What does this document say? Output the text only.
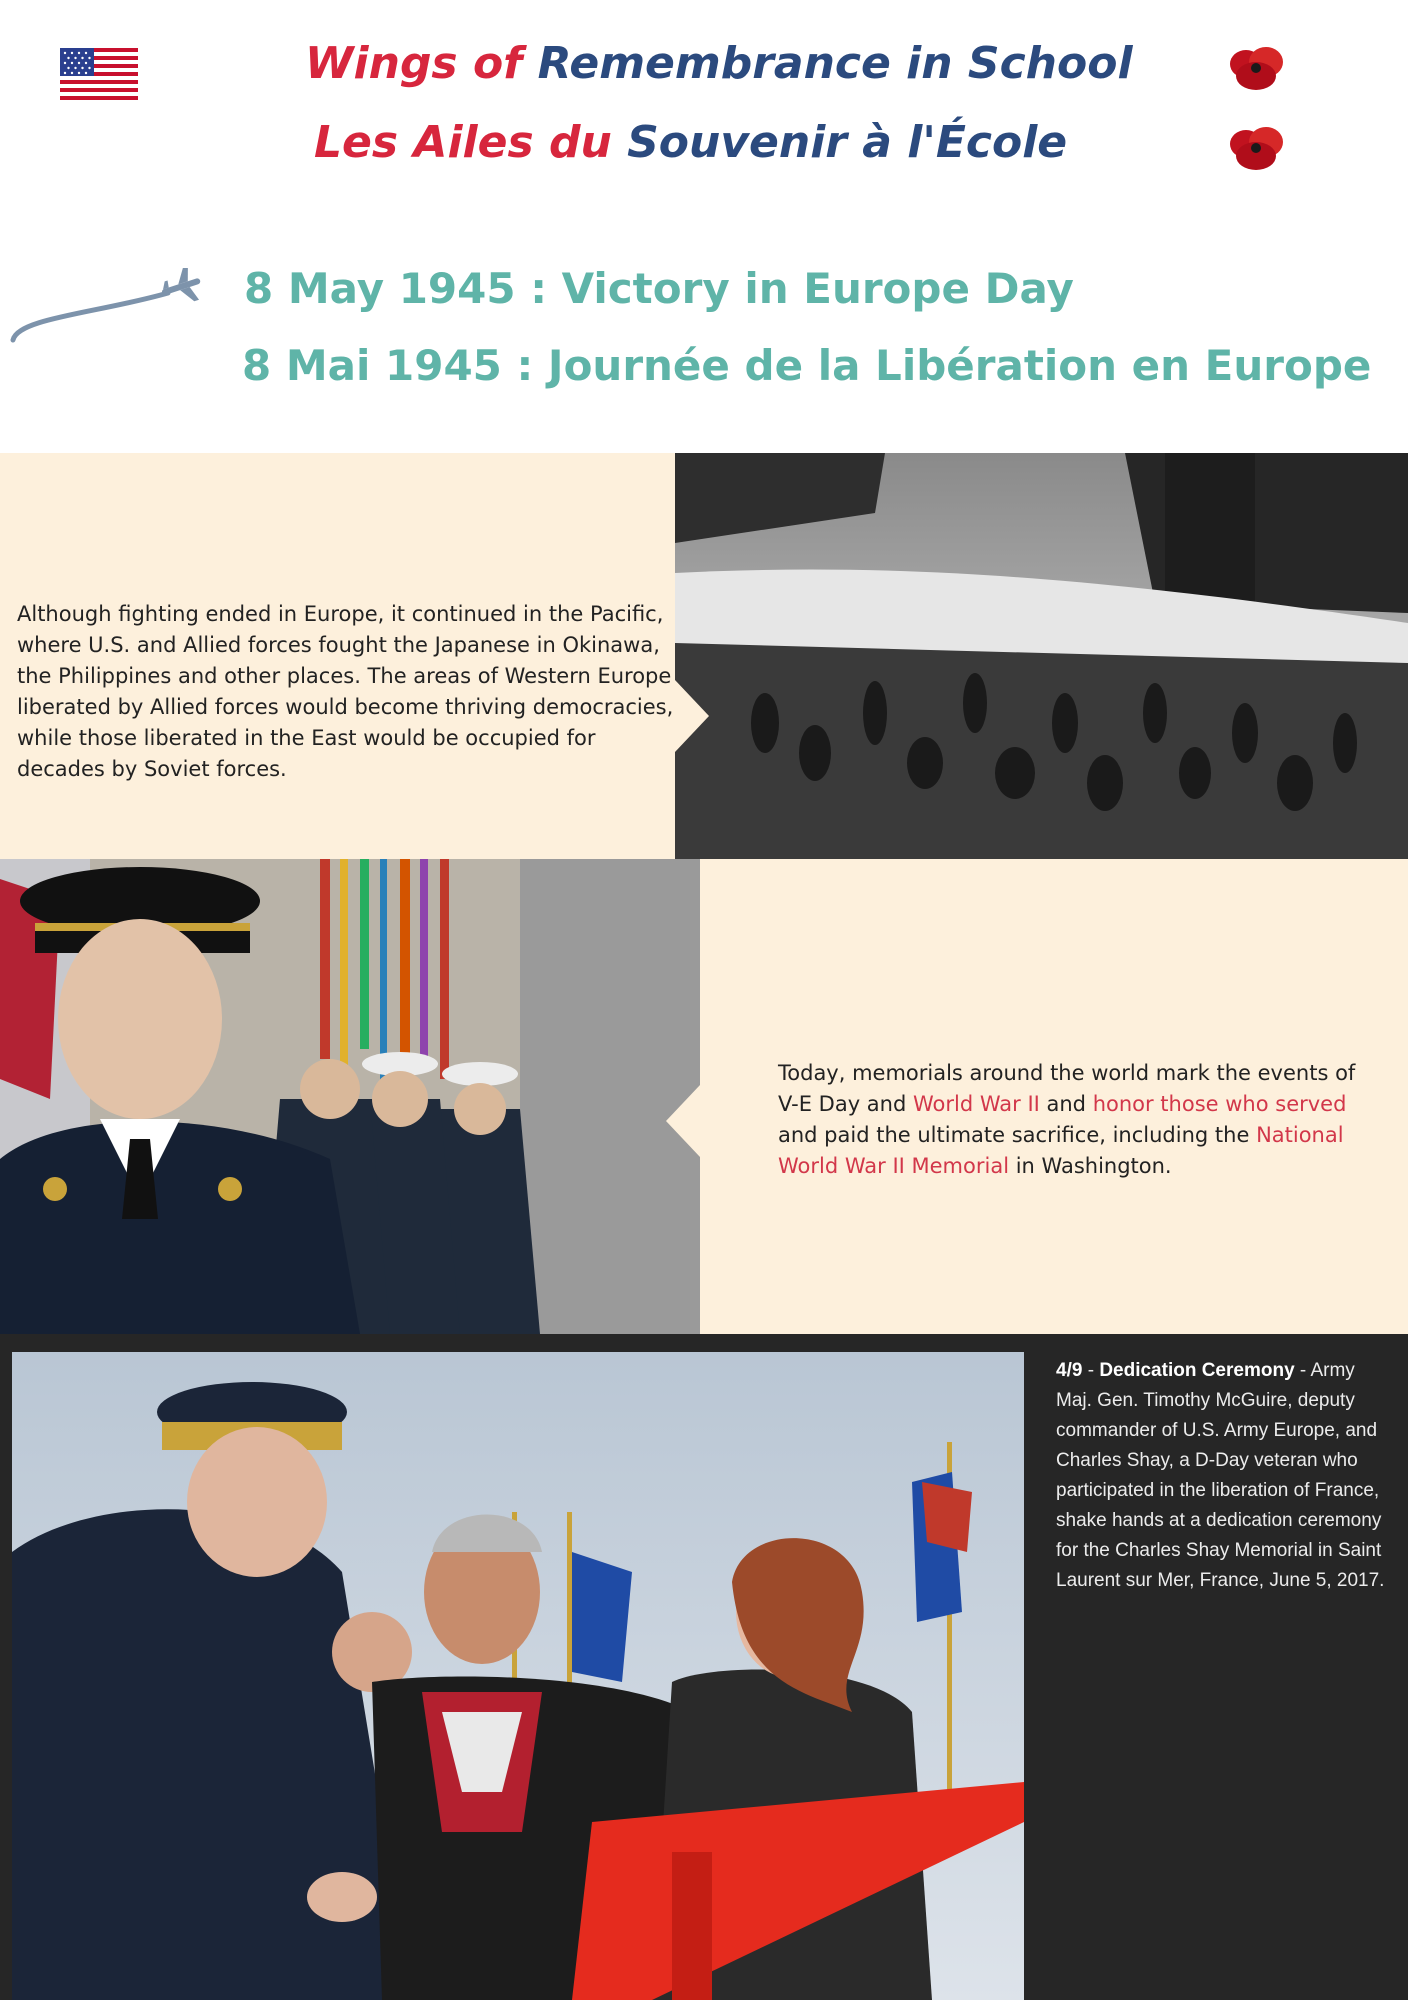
Wings of Remembrance in School
Les Ailes du Souvenir à l'École
8 May 1945 : Victory in Europe Day
8 Mai 1945 : Journée de la Libération en Europe
Although fighting ended in Europe, it continued in the Pacific, where U.S. and Allied forces fought the Japanese in Okinawa, the Philippines and other places. The areas of Western Europe liberated by Allied forces would become thriving democracies, while those liberated in the East would be occupied for decades by Soviet forces.
Today, memorials around the world mark the events of V-E Day and World War II and honor those who served and paid the ultimate sacrifice, including the National World War II Memorial in Washington.
4/9 - Dedication Ceremony - Army Maj. Gen. Timothy McGuire, deputy commander of U.S. Army Europe, and Charles Shay, a D-Day veteran who participated in the liberation of France, shake hands at a dedication ceremony for the Charles Shay Memorial in Saint Laurent sur Mer, France, June 5, 2017.
